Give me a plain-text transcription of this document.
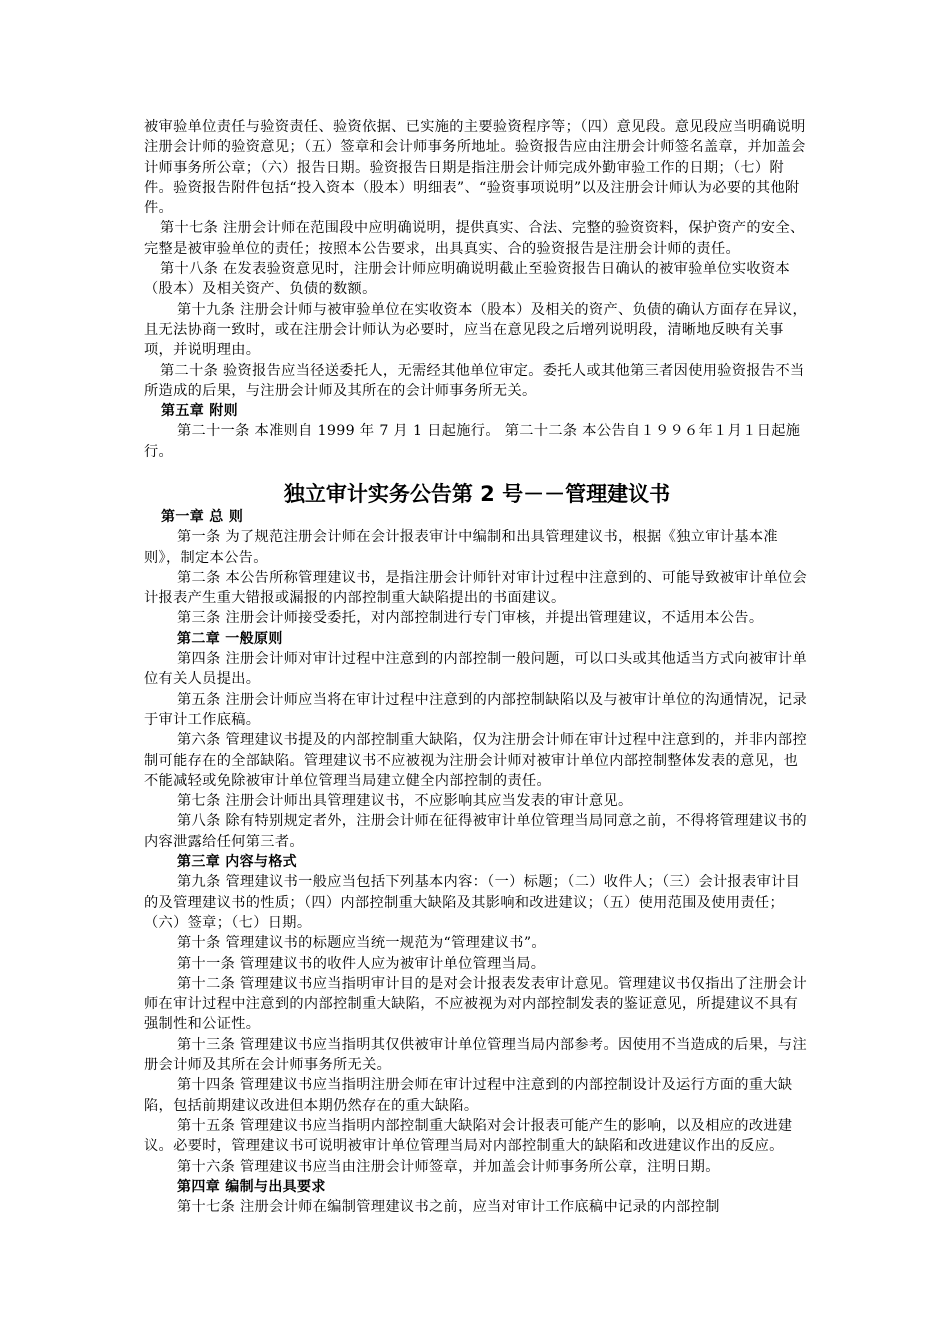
被审验单位责任与验资责任、验资依据、已实施的主要验资程序等；（四）意见段。意见段应当明确说明注册会计师的验资意见；（五）签章和会计师事务所地址。验资报告应由注册会计师签名盖章，并加盖会计师事务所公章；（六）报告日期。验资报告日期是指注册会计师完成外勤审验工作的日期；（七）附件。验资报告附件包括“投入资本（股本）明细表”、“验资事项说明”以及注册会计师认为必要的其他附件。

第十七条 注册会计师在范围段中应明确说明，提供真实、合法、完整的验资资料，保护资产的安全、完整是被审验单位的责任；按照本公告要求，出具真实、合的验资报告是注册会计师的责任。

第十八条 在发表验资意见时，注册会计师应明确说明截止至验资报告日确认的被审验单位实收资本（股本）及相关资产、负债的数额。

第十九条 注册会计师与被审验单位在实收资本（股本）及相关的资产、负债的确认方面存在异议，且无法协商一致时，或在注册会计师认为必要时，应当在意见段之后增列说明段，清晰地反映有关事项，并说明理由。

第二十条 验资报告应当径送委托人，无需经其他单位审定。委托人或其他第三者因使用验资报告不当所造成的后果，与注册会计师及其所在的会计师事务所无关。

第五章 附则

第二十一条 本准则自 1999 年 7 月 1 日起施行。 第二十二条 本公告自１９９６年１月１日起施行。

独立审计实务公告第 2 号－－管理建议书

第一章 总 则

第一条 为了规范注册会计师在会计报表审计中编制和出具管理建议书，根据《独立审计基本准则》，制定本公告。

第二条 本公告所称管理建议书，是指注册会计师针对审计过程中注意到的、可能导致被审计单位会计报表产生重大错报或漏报的内部控制重大缺陷提出的书面建议。

第三条 注册会计师接受委托，对内部控制进行专门审核，并提出管理建议，不适用本公告。

第二章 一般原则

第四条 注册会计师对审计过程中注意到的内部控制一般问题，可以口头或其他适当方式向被审计单位有关人员提出。

第五条 注册会计师应当将在审计过程中注意到的内部控制缺陷以及与被审计单位的沟通情况，记录于审计工作底稿。

第六条 管理建议书提及的内部控制重大缺陷，仅为注册会计师在审计过程中注意到的，并非内部控制可能存在的全部缺陷。管理建议书不应被视为注册会计师对被审计单位内部控制整体发表的意见，也不能减轻或免除被审计单位管理当局建立健全内部控制的责任。

第七条 注册会计师出具管理建议书，不应影响其应当发表的审计意见。

第八条 除有特别规定者外，注册会计师在征得被审计单位管理当局同意之前，不得将管理建议书的内容泄露给任何第三者。

第三章 内容与格式

第九条 管理建议书一般应当包括下列基本内容：（一）标题；（二）收件人；（三）会计报表审计目的及管理建议书的性质；（四）内部控制重大缺陷及其影响和改进建议；（五）使用范围及使用责任；（六）签章；（七）日期。

第十条 管理建议书的标题应当统一规范为“管理建议书”。

第十一条 管理建议书的收件人应为被审计单位管理当局。

第十二条 管理建议书应当指明审计目的是对会计报表发表审计意见。管理建议书仅指出了注册会计师在审计过程中注意到的内部控制重大缺陷，不应被视为对内部控制发表的鉴证意见，所提建议不具有强制性和公证性。

第十三条 管理建议书应当指明其仅供被审计单位管理当局内部参考。因使用不当造成的后果，与注册会计师及其所在会计师事务所无关。

第十四条 管理建议书应当指明注册会师在审计过程中注意到的内部控制设计及运行方面的重大缺陷，包括前期建议改进但本期仍然存在的重大缺陷。

第十五条 管理建议书应当指明内部控制重大缺陷对会计报表可能产生的影响，以及相应的改进建议。必要时，管理建议书可说明被审计单位管理当局对内部控制重大的缺陷和改进建议作出的反应。

第十六条 管理建议书应当由注册会计师签章，并加盖会计师事务所公章，注明日期。

第四章 编制与出具要求

第十七条 注册会计师在编制管理建议书之前，应当对审计工作底稿中记录的内部控制
